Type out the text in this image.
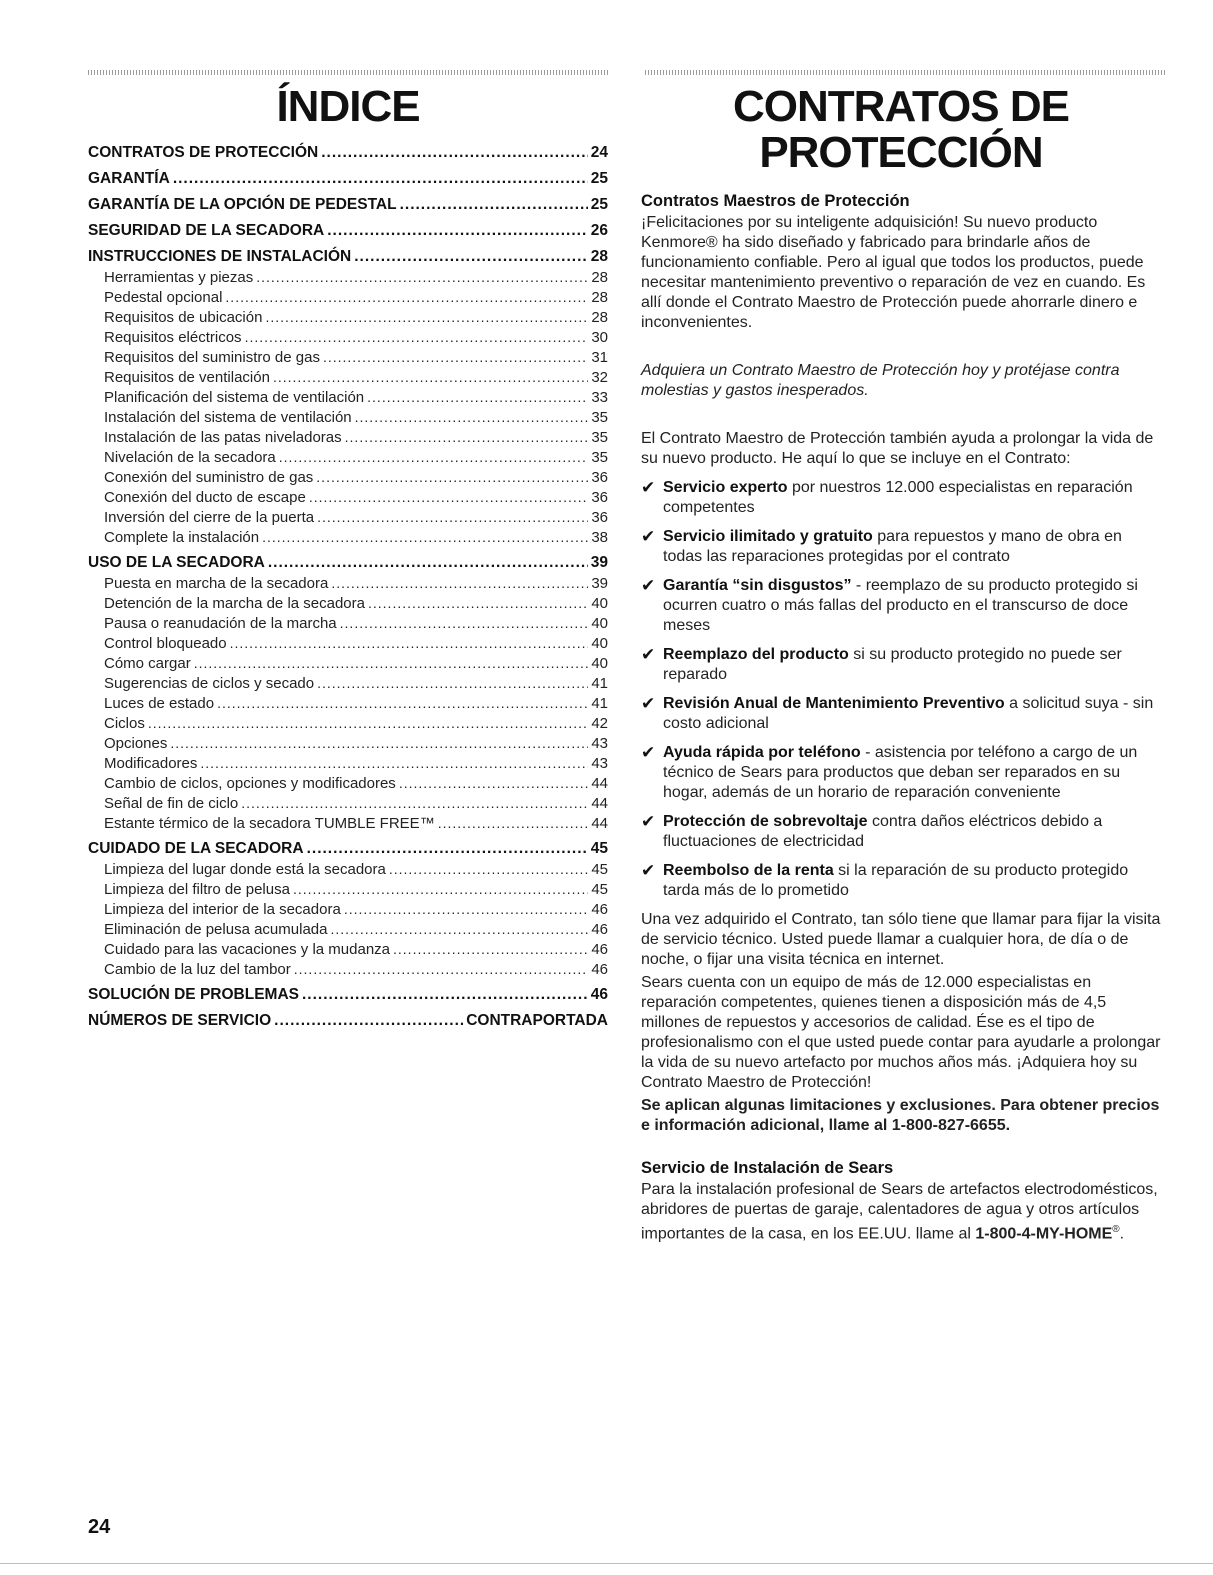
ÍNDICE
CONTRATOS DE PROTECCIÓN .....	24
GARANTÍA .....	25
GARANTÍA DE LA OPCIÓN DE PEDESTAL .....	25
SEGURIDAD DE LA SECADORA .....	26
INSTRUCCIONES DE INSTALACIÓN .....	28
Herramientas y piezas .....	28
Pedestal opcional .....	28
Requisitos de ubicación .....	28
Requisitos eléctricos .....	30
Requisitos del suministro de gas .....	31
Requisitos de ventilación .....	32
Planificación del sistema de ventilación .....	33
Instalación del sistema de ventilación .....	35
Instalación de las patas niveladoras .....	35
Nivelación de la secadora .....	35
Conexión del suministro de gas .....	36
Conexión del ducto de escape .....	36
Inversión del cierre de la puerta .....	36
Complete la instalación .....	38
USO DE LA SECADORA .....	39
Puesta en marcha de la secadora .....	39
Detención de la marcha de la secadora .....	40
Pausa o reanudación de la marcha .....	40
Control bloqueado .....	40
Cómo cargar .....	40
Sugerencias de ciclos y secado .....	41
Luces de estado .....	41
Ciclos .....	42
Opciones .....	43
Modificadores .....	43
Cambio de ciclos, opciones y modificadores .....	44
Señal de fin de ciclo .....	44
Estante térmico de la secadora TUMBLE FREE™ .....	44
CUIDADO DE LA SECADORA .....	45
Limpieza del lugar donde está la secadora .....	45
Limpieza del filtro de pelusa .....	45
Limpieza del interior de la secadora .....	46
Eliminación de pelusa acumulada .....	46
Cuidado para las vacaciones y la mudanza .....	46
Cambio de la luz del tambor .....	46
SOLUCIÓN DE PROBLEMAS .....	46
NÚMEROS DE SERVICIO .....	CONTRAPORTADA
CONTRATOS DE
PROTECCIÓN
Contratos Maestros de Protección

¡Felicitaciones por su inteligente adquisición! Su nuevo producto Kenmore® ha sido diseñado y fabricado para brindarle años de funcionamiento confiable. Pero al igual que todos los productos, puede necesitar mantenimiento preventivo o reparación de vez en cuando. Es allí donde el Contrato Maestro de Protección puede ahorrarle dinero e inconvenientes.

Adquiera un Contrato Maestro de Protección hoy y protéjase contra molestias y gastos inesperados.

El Contrato Maestro de Protección también ayuda a prolongar la vida de su nuevo producto. He aquí lo que se incluye en el Contrato:

✔ Servicio experto por nuestros 12.000 especialistas en reparación competentes
✔ Servicio ilimitado y gratuito para repuestos y mano de obra en todas las reparaciones protegidas por el contrato
✔ Garantía “sin disgustos” - reemplazo de su producto protegido si ocurren cuatro o más fallas del producto en el transcurso de doce meses
✔ Reemplazo del producto si su producto protegido no puede ser reparado
✔ Revisión Anual de Mantenimiento Preventivo a solicitud suya - sin costo adicional
✔ Ayuda rápida por teléfono - asistencia por teléfono a cargo de un técnico de Sears para productos que deban ser reparados en su hogar, además de un horario de reparación conveniente
✔ Protección de sobrevoltaje contra daños eléctricos debido a fluctuaciones de electricidad
✔ Reembolso de la renta si la reparación de su producto protegido tarda más de lo prometido

Una vez adquirido el Contrato, tan sólo tiene que llamar para fijar la visita de servicio técnico. Usted puede llamar a cualquier hora, de día o de noche, o fijar una visita técnica en internet.

Sears cuenta con un equipo de más de 12.000 especialistas en reparación competentes, quienes tienen a disposición más de 4,5 millones de repuestos y accesorios de calidad. Ése es el tipo de profesionalismo con el que usted puede contar para ayudarle a prolongar la vida de su nuevo artefacto por muchos años más. ¡Adquiera hoy su Contrato Maestro de Protección!

Se aplican algunas limitaciones y exclusiones. Para obtener precios e información adicional, llame al 1-800-827-6655.

Servicio de Instalación de Sears

Para la instalación profesional de Sears de artefactos electrodomésticos, abridores de puertas de garaje, calentadores de agua y otros artículos importantes de la casa, en los EE.UU. llame al 1-800-4-MY-HOME®.

24
